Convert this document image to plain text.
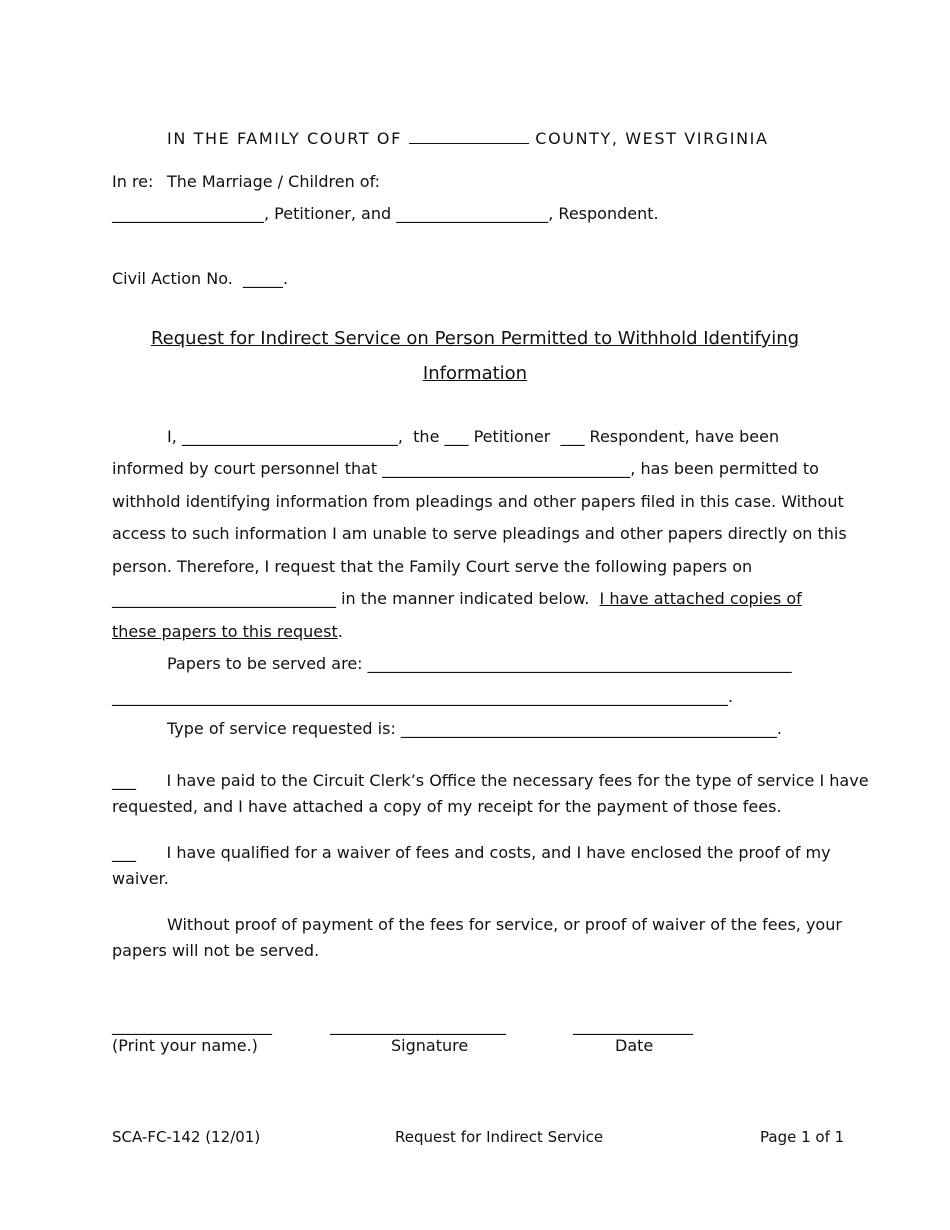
IN THE FAMILY COURT OF	COUNTY, WEST VIRGINIA
In re: The Marriage / Children of:
___________________, Petitioner, and ___________________, Respondent.
Civil Action No.  _____.
Request for Indirect Service on Person Permitted to Withhold Identifying
Information
I, ___________________________,  the ___ Petitioner  ___ Respondent, have been
informed by court personnel that _______________________________, has been permitted to
withhold identifying information from pleadings and other papers filed in this case. Without
access to such information I am unable to serve pleadings and other papers directly on this
person. Therefore, I request that the Family Court serve the following papers on
____________________________ in the manner indicated below.  I have attached copies of
these papers to this request.
Papers to be served are: _____________________________________________________
_____________________________________________________________________________.
Type of service requested is: _______________________________________________.
___      I have paid to the Circuit Clerk’s Office the necessary fees for the type of service I have
requested, and I have attached a copy of my receipt for the payment of those fees.
___      I have qualified for a waiver of fees and costs, and I have enclosed the proof of my
waiver.
Without proof of payment of the fees for service, or proof of waiver of the fees, your
papers will not be served.
____________________	______________________	_______________
(Print your name.)	Signature	Date
SCA-FC-142 (12/01)	Request for Indirect Service	Page 1 of 1
